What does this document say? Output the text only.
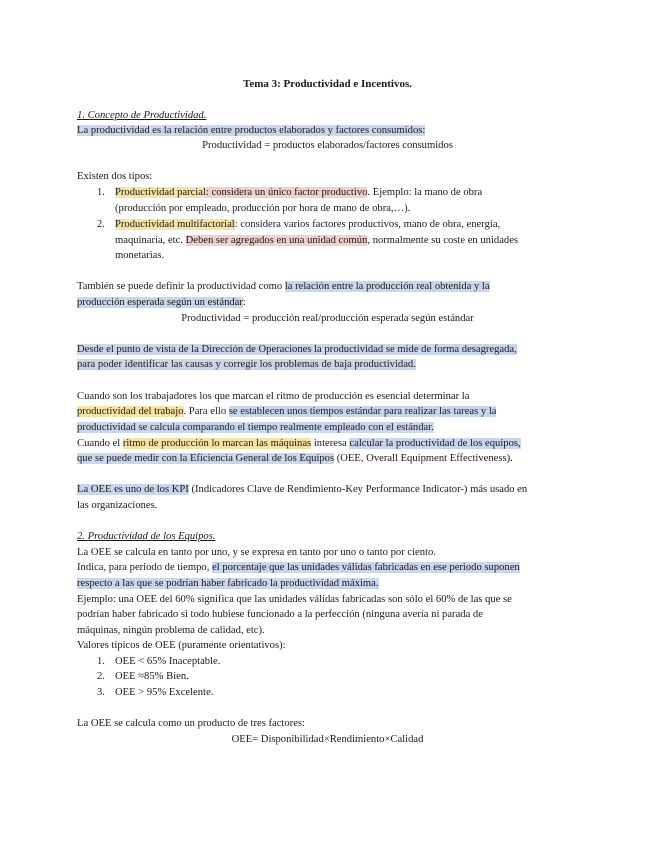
Tema 3: Productividad e Incentivos.
1. Concepto de Productividad.
La productividad es la relación entre productos elaborados y factores consumidos:
Productividad = productos elaborados/factores consumidos
Existen dos tipos:
1. Productividad parcial: considera un único factor productivo. Ejemplo: la mano de obra
(producción por empleado, producción por hora de mano de obra,…).
2. Productividad multifactorial: considera varios factores productivos, mano de obra, energía,
maquinaria, etc. Deben ser agregados en una unidad común, normalmente su coste en unidades
monetarias.
También se puede definir la productividad como la relación entre la producción real obtenida y la
producción esperada según un estándar:
Productividad = producción real/producción esperada según estándar
Desde el punto de vista de la Dirección de Operaciones la productividad se mide de forma desagregada,
para poder identificar las causas y corregir los problemas de baja productividad.
Cuando son los trabajadores los que marcan el ritmo de producción es esencial determinar la
productividad del trabajo. Para ello se establecen unos tiempos estándar para realizar las tareas y la
productividad se calcula comparando el tiempo realmente empleado con el estándar.
Cuando el ritmo de producción lo marcan las máquinas interesa calcular la productividad de los equipos,
que se puede medir con la Eficiencia General de los Equipos (OEE, Overall Equipment Effectiveness).
La OEE es uno de los KPI (Indicadores Clave de Rendimiento-Key Performance Indicator-) más usado en
las organizaciones.
2. Productividad de los Equipos.
La OEE se calcula en tanto por uno, y se expresa en tanto por uno o tanto por ciento.
Indica, para periodo de tiempo, el porcentaje que las unidades válidas fabricadas en ese periodo suponen
respecto a las que se podrían haber fabricado la productividad máxima.
Ejemplo: una OEE del 60% significa que las unidades válidas fabricadas son sólo el 60% de las que se
podrían haber fabricado si todo hubiese funcionado a la perfección (ninguna avería ni parada de
máquinas, ningún problema de calidad, etc).
Valores típicos de OEE (puramente orientativos):
1. OEE < 65% Inaceptable.
2. OEE ≈85% Bien.
3. OEE > 95% Excelente.
La OEE se calcula como un producto de tres factores:
OEE= Disponibilidad×Rendimiento×Calidad
